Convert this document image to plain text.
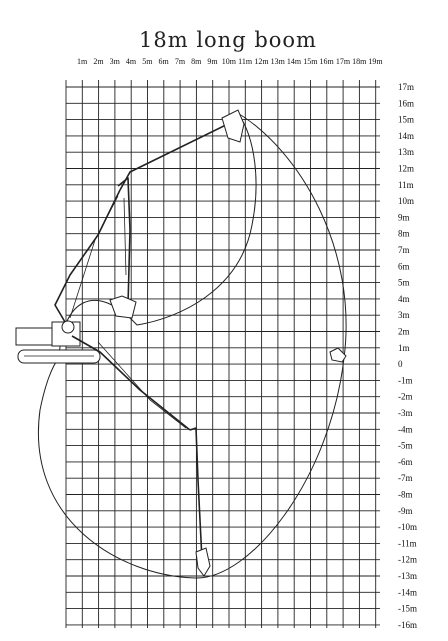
18m long boom
1m 2m 3m 4m 5m 6m 7m 8m 9m 10m 11m 12m 13m 14m 15m 16m 17m 18m 19m
17m
16m
15m
14m
13m
12m
11m
10m
9m
8m
7m
6m
5m
4m
3m
2m
1m
0
-1m
-2m
-3m
-4m
-5m
-6m
-7m
-8m
-9m
-10m
-11m
-12m
-13m
-14m
-15m
-16m
